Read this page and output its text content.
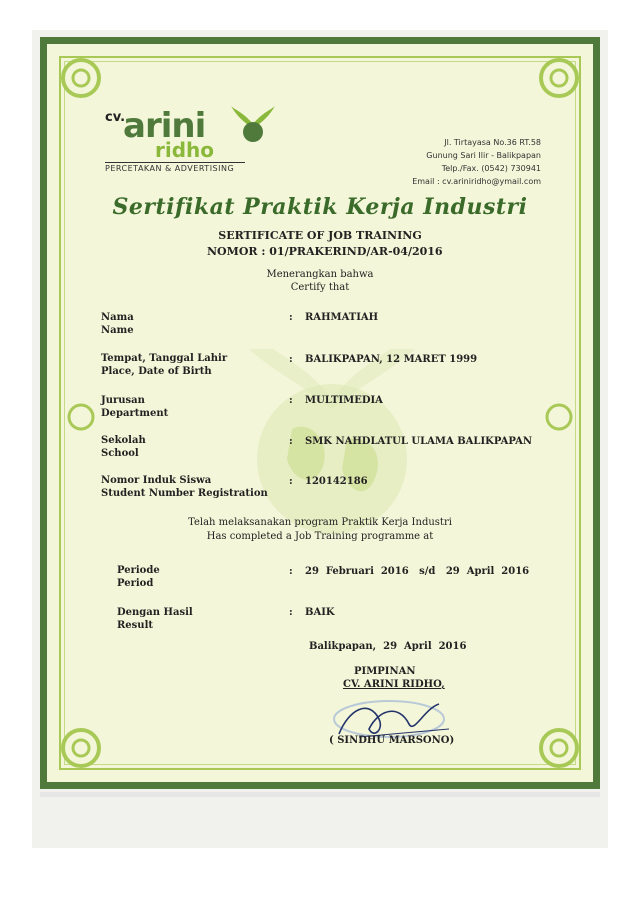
cv.
arini
ridho
PERCETAKAN & ADVERTISING
Jl. Tirtayasa No.36 RT.58
Gunung Sari Ilir - Balikpapan
Telp./Fax. (0542) 730941
Email : cv.ariniridho@ymail.com
Sertifikat Praktik Kerja Industri
SERTIFICATE OF JOB TRAINING
NOMOR : 01/PRAKERIND/AR-04/2016
Menerangkan bahwa
Certify that
Nama
Name
: RAHMATIAH
Tempat, Tanggal Lahir
Place, Date of Birth
: BALIKPAPAN, 12 MARET 1999
Jurusan
Department
: MULTIMEDIA
Sekolah
School
: SMK NAHDLATUL ULAMA BALIKPAPAN
Nomor Induk Siswa
Student Number Registration
: 120142186
Telah melaksanakan program Praktik Kerja Industri
Has completed a Job Training programme at
Periode
Period
: 29  Februari  2016   s/d   29  April  2016
Dengan Hasil
Result
: BAIK
Balikpapan,  29  April  2016
PIMPINAN
CV. ARINI RIDHO,
( SINDHU MARSONO)
